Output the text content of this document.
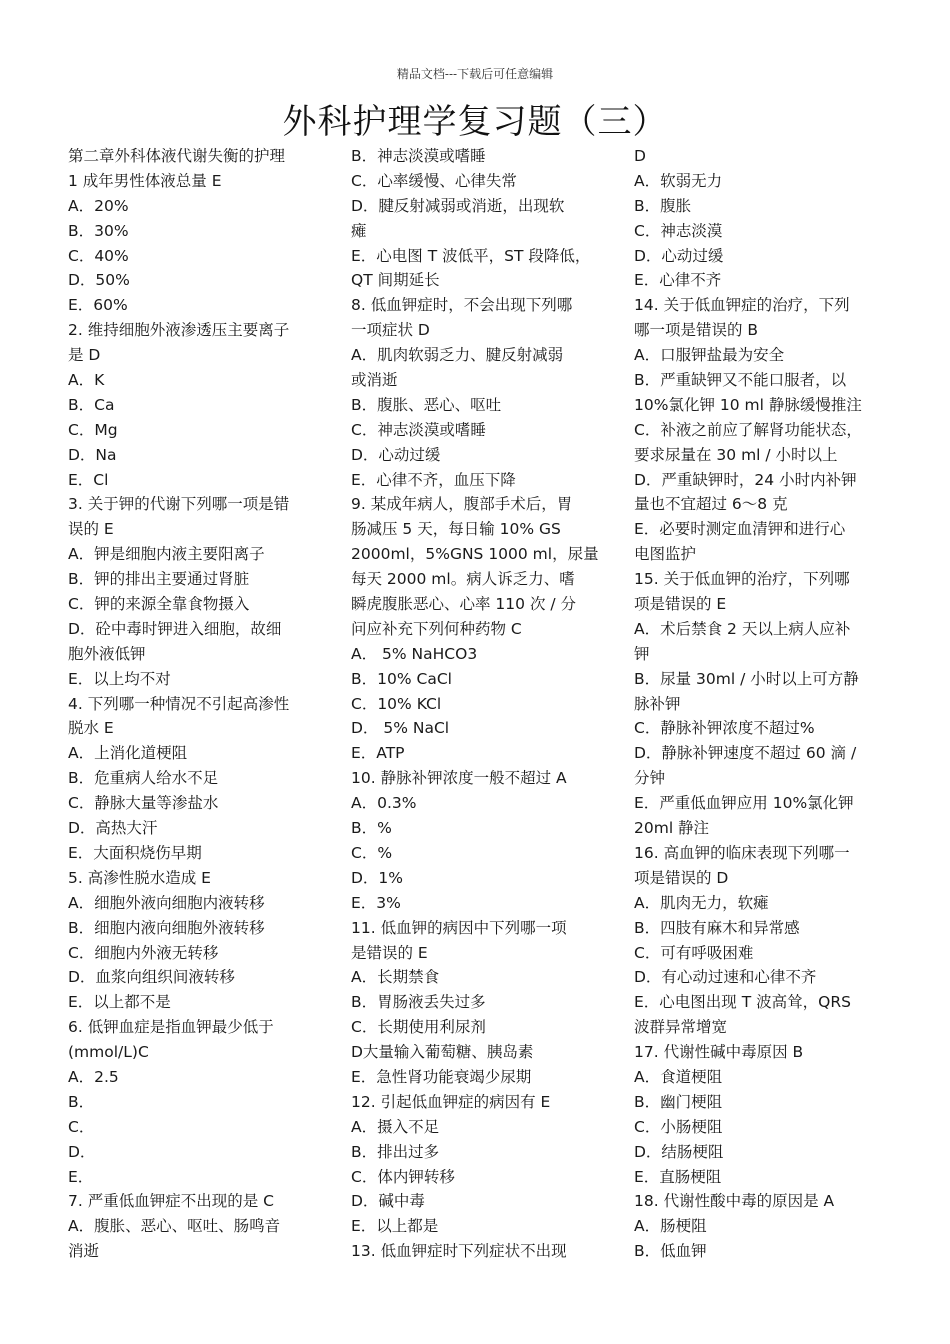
精品文档---下载后可任意编辑
外科护理学复习题（三）
第二章外科体液代谢失衡的护理
1 成年男性体液总量 E
A．20%
B．30%
C．40%
D．50%
E．60%
2. 维持细胞外液渗透压主要离子
是 D
A．K
B．Ca
C．Mg
D．Na
E．Cl
3. 关于钾的代谢下列哪一项是错
误的 E
A．钾是细胞内液主要阳离子
B．钾的排出主要通过肾脏
C．钾的来源全靠食物摄入
D．砼中毒时钾进入细胞，故细
胞外液低钾
E．以上均不对
4. 下列哪一种情况不引起高渗性
脱水 E
A．上消化道梗阻
B．危重病人给水不足
C．静脉大量等渗盐水
D．高热大汗
E．大面积烧伤早期
5. 高渗性脱水造成 E
A．细胞外液向细胞内液转移
B．细胞内液向细胞外液转移
C．细胞内外液无转移
D．血浆向组织间液转移
E．以上都不是
6. 低钾血症是指血钾最少低于
(mmol/L)C
A．2.5
B．
C．
D．
E．
7. 严重低血钾症不出现的是 C
A．腹胀、恶心、呕吐、肠鸣音
消逝
B．神志淡漠或嗜睡
C．心率缓慢、心律失常
D．腱反射减弱或消逝，出现软
瘫
E．心电图 T 波低平，ST 段降低，
QT 间期延长
8. 低血钾症时，不会出现下列哪
一项症状 D
A．肌肉软弱乏力、腱反射减弱
或消逝
B．腹胀、恶心、呕吐
C．神志淡漠或嗜睡
D．心动过缓
E．心律不齐，血压下降
9. 某成年病人，腹部手术后，胃
肠减压 5 天，每日输 10% GS
2000ml，5%GNS 1000 ml，尿量
每天 2000 ml。病人诉乏力、嗜
瞬虎腹胀恶心、心率 110 次 / 分
问应补充下列何种药物 C
A． 5% NaHCO3
B．10% CaCl
C．10% KCl
D． 5% NaCl
E．ATP
10. 静脉补钾浓度一般不超过 A
A．0.3%
B．%
C．%
D．1%
E．3%
11. 低血钾的病因中下列哪一项
是错误的 E
A．长期禁食
B．胃肠液丢失过多
C．长期使用利尿剂
D大量输入葡萄糖、胰岛素
E．急性肾功能衰竭少尿期
12. 引起低血钾症的病因有 E
A．摄入不足
B．排出过多
C．体内钾转移
D．碱中毒
E．以上都是
13. 低血钾症时下列症状不出现
D
A．软弱无力
B．腹胀
C．神志淡漠
D．心动过缓
E．心律不齐
14. 关于低血钾症的治疗，下列
哪一项是错误的 B
A．口服钾盐最为安全
B．严重缺钾又不能口服者，以
10%氯化钾 10 ml 静脉缓慢推注
C．补液之前应了解肾功能状态，
要求尿量在 30 ml / 小时以上
D．严重缺钾时，24 小时内补钾
量也不宜超过 6～8 克
E．必要时测定血清钾和进行心
电图监护
15. 关于低血钾的治疗，下列哪
项是错误的 E
A．术后禁食 2 天以上病人应补
钾
B．尿量 30ml / 小时以上可方静
脉补钾
C．静脉补钾浓度不超过%
D．静脉补钾速度不超过 60 滴 /
分钟
E．严重低血钾应用 10%氯化钾
20ml 静注
16. 高血钾的临床表现下列哪一
项是错误的 D
A．肌肉无力，软瘫
B．四肢有麻木和异常感
C．可有呼吸困难
D．有心动过速和心律不齐
E．心电图出现 T 波高耸，QRS
波群异常增宽
17. 代谢性碱中毒原因 B
A．食道梗阻
B．幽门梗阻
C．小肠梗阻
D．结肠梗阻
E．直肠梗阻
18. 代谢性酸中毒的原因是 A
A．肠梗阻
B．低血钾
